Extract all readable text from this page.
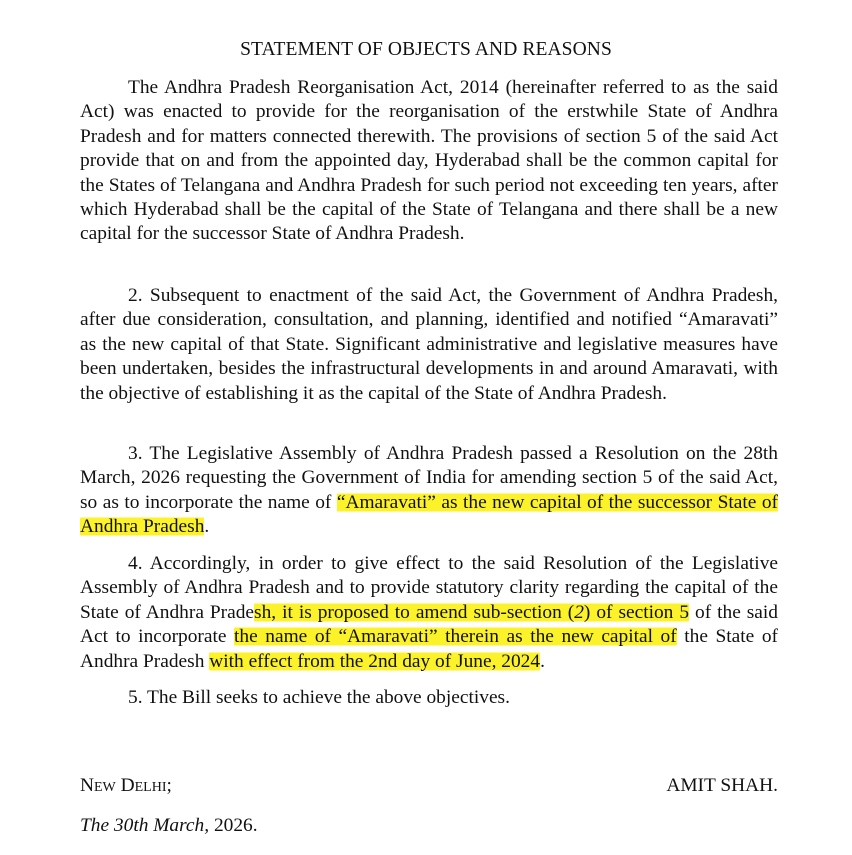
STATEMENT OF OBJECTS AND REASONS

The Andhra Pradesh Reorganisation Act, 2014 (hereinafter referred to as the said Act) was enacted to provide for the reorganisation of the erstwhile State of Andhra Pradesh and for matters connected therewith. The provisions of section 5 of the said Act provide that on and from the appointed day, Hyderabad shall be the common capital for the States of Telangana and Andhra Pradesh for such period not exceeding ten years, after which Hyderabad shall be the capital of the State of Telangana and there shall be a new capital for the successor State of Andhra Pradesh.

2. Subsequent to enactment of the said Act, the Government of Andhra Pradesh, after due consideration, consultation, and planning, identified and notified “Amaravati” as the new capital of that State. Significant administrative and legislative measures have been undertaken, besides the infrastructural developments in and around Amaravati, with the objective of establishing it as the capital of the State of Andhra Pradesh.

3. The Legislative Assembly of Andhra Pradesh passed a Resolution on the 28th March, 2026 requesting the Government of India for amending section 5 of the said Act, so as to incorporate the name of “Amaravati” as the new capital of the successor State of Andhra Pradesh.

4. Accordingly, in order to give effect to the said Resolution of the Legislative Assembly of Andhra Pradesh and to provide statutory clarity regarding the capital of the State of Andhra Pradesh, it is proposed to amend sub-section (2) of section 5 of the said Act to incorporate the name of “Amaravati” therein as the new capital of the State of Andhra Pradesh with effect from the 2nd day of June, 2024.

5. The Bill seeks to achieve the above objectives.

New Delhi;	AMIT SHAH.
The 30th March, 2026.
